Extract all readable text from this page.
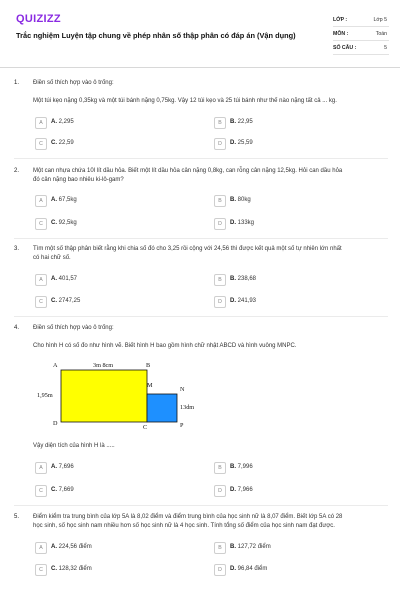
QUIZIZZ
Trắc nghiệm Luyện tập chung về phép nhân số thập phân có đáp án (Vận dụng)
LỚP :	Lớp 5
MÔN :	Toán
SỐ CÂU :	5
1. Điền số thích hợp vào ô trống:
Một túi kẹo nặng 0,35kg và một túi bánh nặng 0,75kg. Vậy 12 túi kẹo và 25 túi bánh như thế nào nặng tất cả ... kg.
A	A. 2,295	B	B. 22,95
C	C. 22,59	D	D. 25,59
2. Một can nhựa chứa 10l lít dầu hỏa. Biết một lít dầu hỏa cân nặng 0,8kg, can rỗng cân nặng 12,5kg. Hỏi can dầu hỏa
đó cân nặng bao nhiêu ki-lô-gam?
A	A. 67,5kg	B	B. 80kg
C	C. 92,5kg	D	D. 133kg
3. Tìm một số thập phân biết rằng khi chia số đó cho 3,25 rồi cộng với 24,56 thì được kết quả một số tự nhiên lớn nhất
có hai chữ số.
A	A. 401,57	B	B. 238,68
C	C. 2747,25	D	D. 241,93
4. Điền số thích hợp vào ô trống:
Cho hình H có số đo như hình vẽ. Biết hình H bao gồm hình chữ nhật ABCD và hình vuông MNPC.
A	3m 8cm	B
1,95m
M
N
13dm
D
C	P
Vậy diện tích của hình H là .....
A	A. 7,696	B	B. 7,996
C	C. 7,669	D	D. 7,966
5. Điểm kiểm tra trung bình của lớp 5A là 8,02 điểm và điểm trung bình của học sinh nữ là 8,07 điểm. Biết lớp 5A có 28
học sinh, số học sinh nam nhiều hơn số học sinh nữ là 4 học sinh. Tính tổng số điểm của học sinh nam đạt được.
A	A. 224,56 điểm	B	B. 127,72 điểm
C	C. 128,32 điểm	D	D. 96,84 điểm
